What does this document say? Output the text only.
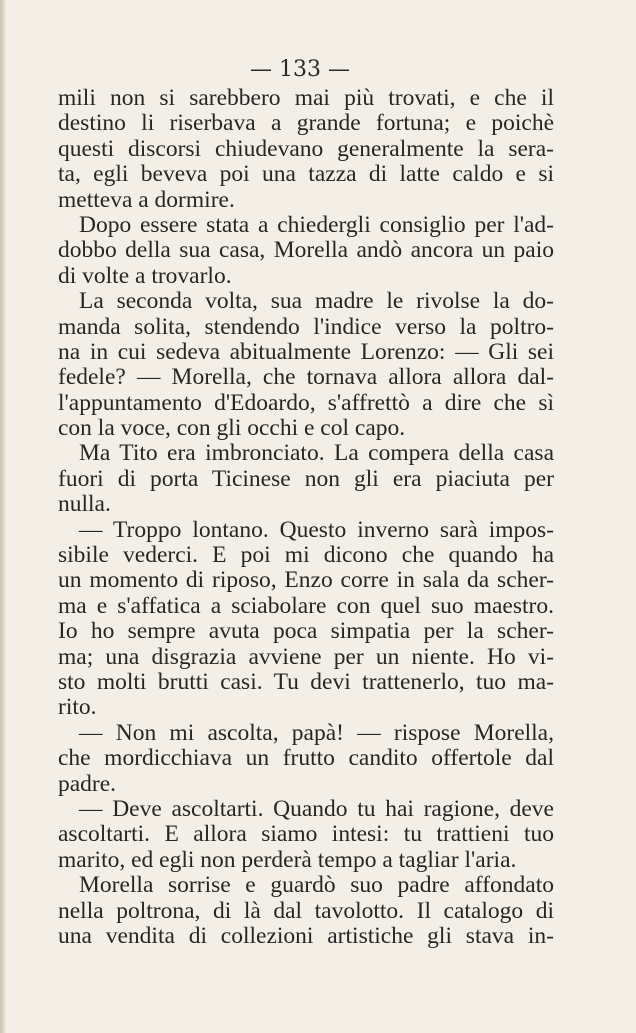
— 133 —
mili non si sarebbero mai più trovati, e che il
destino li riserbava a grande fortuna; e poichè
questi discorsi chiudevano generalmente la sera-
ta, egli beveva poi una tazza di latte caldo e si
metteva a dormire.
Dopo essere stata a chiedergli consiglio per l'ad-
dobbo della sua casa, Morella andò ancora un paio
di volte a trovarlo.
La seconda volta, sua madre le rivolse la do-
manda solita, stendendo l'indice verso la poltro-
na in cui sedeva abitualmente Lorenzo: — Gli sei
fedele? — Morella, che tornava allora allora dal-
l'appuntamento d'Edoardo, s'affrettò a dire che sì
con la voce, con gli occhi e col capo.
Ma Tito era imbronciato. La compera della casa
fuori di porta Ticinese non gli era piaciuta per
nulla.
— Troppo lontano. Questo inverno sarà impos-
sibile vederci. E poi mi dicono che quando ha
un momento di riposo, Enzo corre in sala da scher-
ma e s'affatica a sciabolare con quel suo maestro.
Io ho sempre avuta poca simpatia per la scher-
ma; una disgrazia avviene per un niente. Ho vi-
sto molti brutti casi. Tu devi trattenerlo, tuo ma-
rito.
— Non mi ascolta, papà! — rispose Morella,
che mordicchiava un frutto candito offertole dal
padre.
— Deve ascoltarti. Quando tu hai ragione, deve
ascoltarti. E allora siamo intesi: tu trattieni tuo
marito, ed egli non perderà tempo a tagliar l'aria.
Morella sorrise e guardò suo padre affondato
nella poltrona, di là dal tavolotto. Il catalogo di
una vendita di collezioni artistiche gli stava in-
